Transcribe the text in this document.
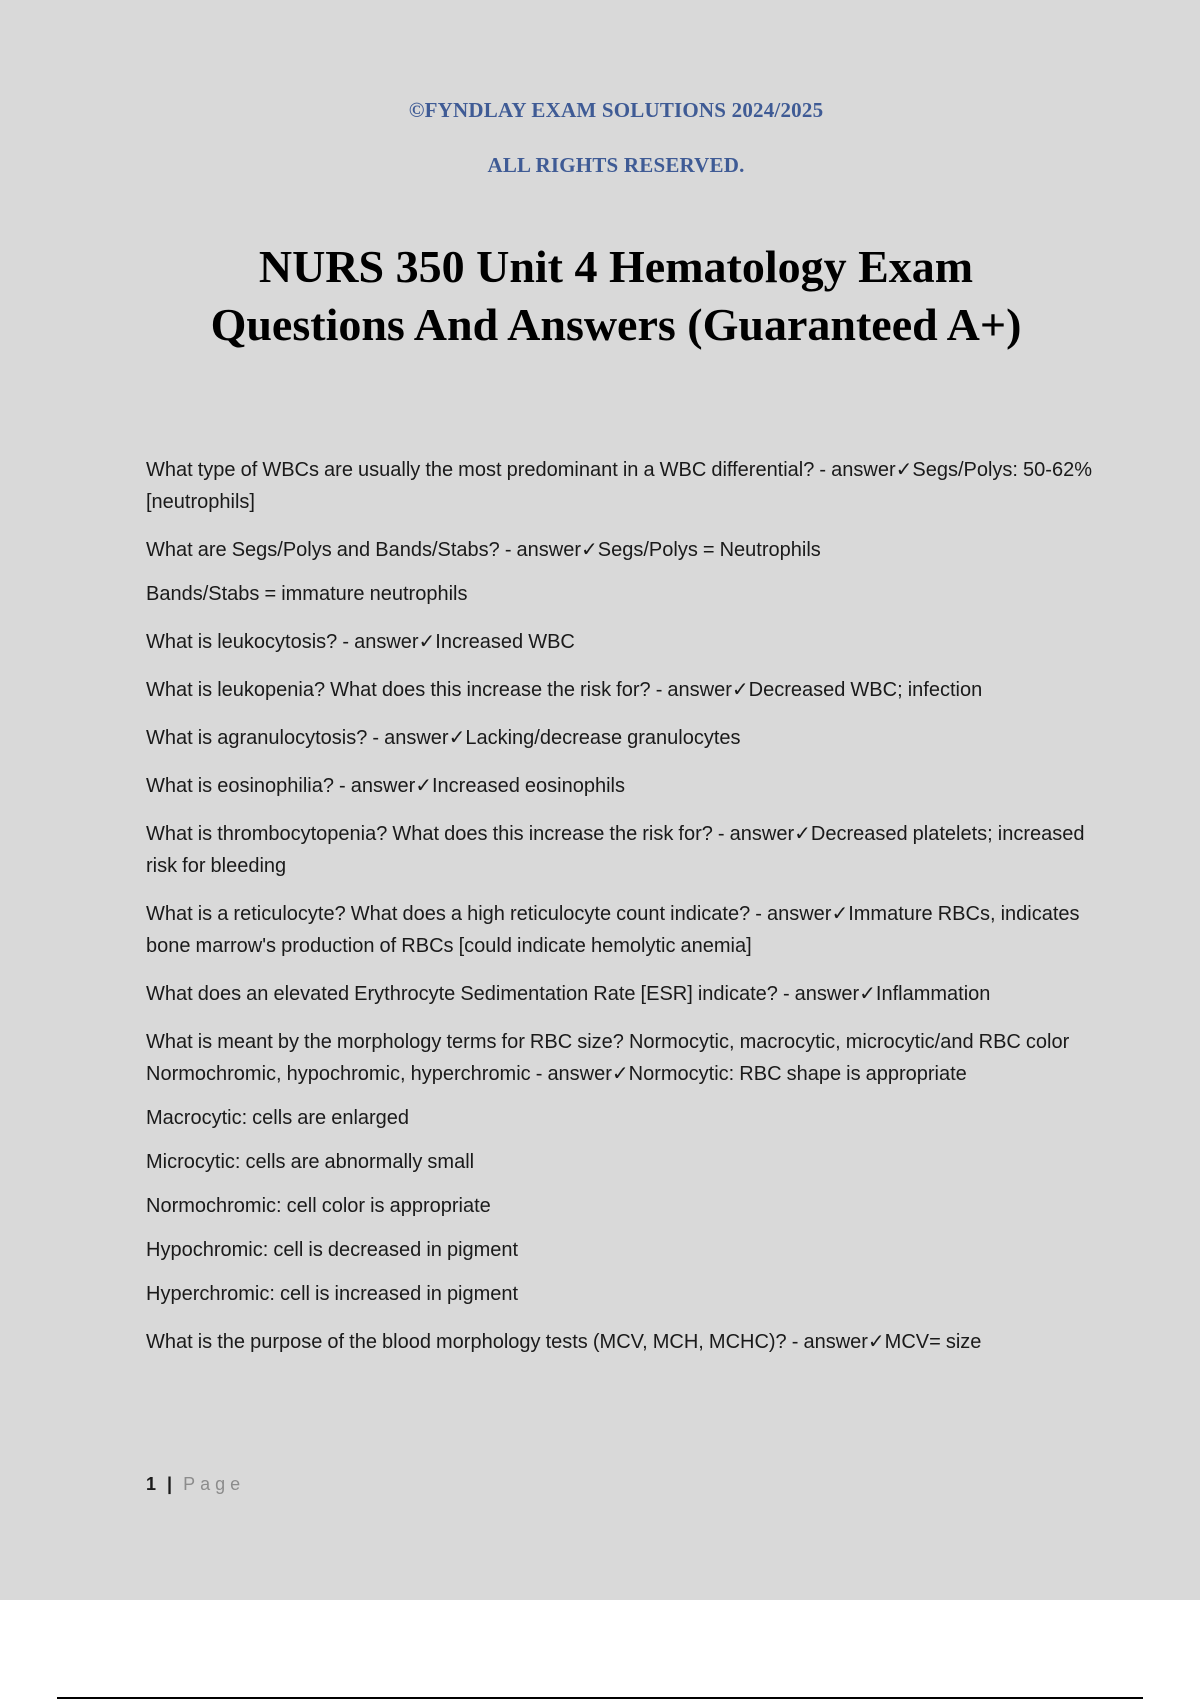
©FYNDLAY EXAM SOLUTIONS 2024/2025
ALL RIGHTS RESERVED.
NURS 350 Unit 4 Hematology Exam
Questions And Answers (Guaranteed A+)

What type of WBCs are usually the most predominant in a WBC differential? - answer✓Segs/Polys: 50-62% [neutrophils]

What are Segs/Polys and Bands/Stabs? - answer✓Segs/Polys = Neutrophils

Bands/Stabs = immature neutrophils

What is leukocytosis? - answer✓Increased WBC

What is leukopenia? What does this increase the risk for? - answer✓Decreased WBC; infection

What is agranulocytosis? - answer✓Lacking/decrease granulocytes

What is eosinophilia? - answer✓Increased eosinophils

What is thrombocytopenia? What does this increase the risk for? - answer✓Decreased platelets; increased risk for bleeding

What is a reticulocyte? What does a high reticulocyte count indicate? - answer✓Immature RBCs, indicates bone marrow's production of RBCs [could indicate hemolytic anemia]

What does an elevated Erythrocyte Sedimentation Rate [ESR] indicate? - answer✓Inflammation

What is meant by the morphology terms for RBC size? Normocytic, macrocytic, microcytic/and RBC color Normochromic, hypochromic, hyperchromic - answer✓Normocytic: RBC shape is appropriate

Macrocytic: cells are enlarged

Microcytic: cells are abnormally small

Normochromic: cell color is appropriate

Hypochromic: cell is decreased in pigment

Hyperchromic: cell is increased in pigment

What is the purpose of the blood morphology tests (MCV, MCH, MCHC)? - answer✓MCV= size

1 | Page
